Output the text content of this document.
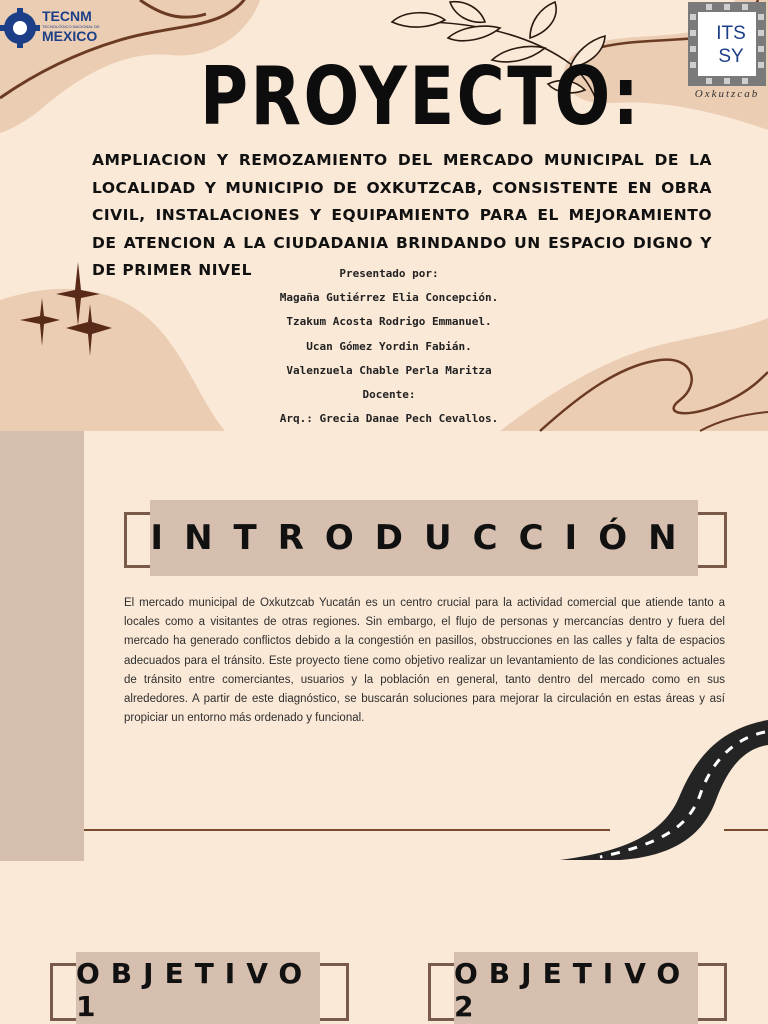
TECNM
TECNOLÓGICO NACIONAL DE
MEXICO	ITS
SY
Oxkutzcab
PROYECTO:

AMPLIACION Y REMOZAMIENTO DEL MERCADO MUNICIPAL DE LA LOCALIDAD Y MUNICIPIO DE OXKUTZCAB, CONSISTENTE EN OBRA CIVIL, INSTALACIONES Y EQUIPAMIENTO PARA EL MEJORAMIENTO DE ATENCION A LA CIUDADANIA BRINDANDO UN ESPACIO DIGNO Y DE PRIMER NIVEL	Presentado por:
Magaña Gutiérrez Elia Concepción.
Tzakum Acosta Rodrigo Emmanuel.
Ucan Gómez Yordin Fabián.
Valenzuela Chable Perla Maritza
Docente:
Arq.: Grecia Danae Pech Cevallos.
INTRODUCCIÓN

El mercado municipal de Oxkutzcab Yucatán es un centro crucial para la actividad comercial que atiende tanto a locales como a visitantes de otras regiones. Sin embargo, el flujo de personas y mercancías dentro y fuera del mercado ha generado conflictos debido a la congestión en pasillos, obstrucciones en las calles y falta de espacios adecuados para el tránsito. Este proyecto tiene como objetivo realizar un levantamiento de las condiciones actuales de tránsito entre comerciantes, usuarios y la población en general, tanto dentro del mercado como en sus alrededores. A partir de este diagnóstico, se buscarán soluciones para mejorar la circulación en estas áreas y así propiciar un entorno más ordenado y funcional.

OBJETIVO 1
OBJETIVO 2
